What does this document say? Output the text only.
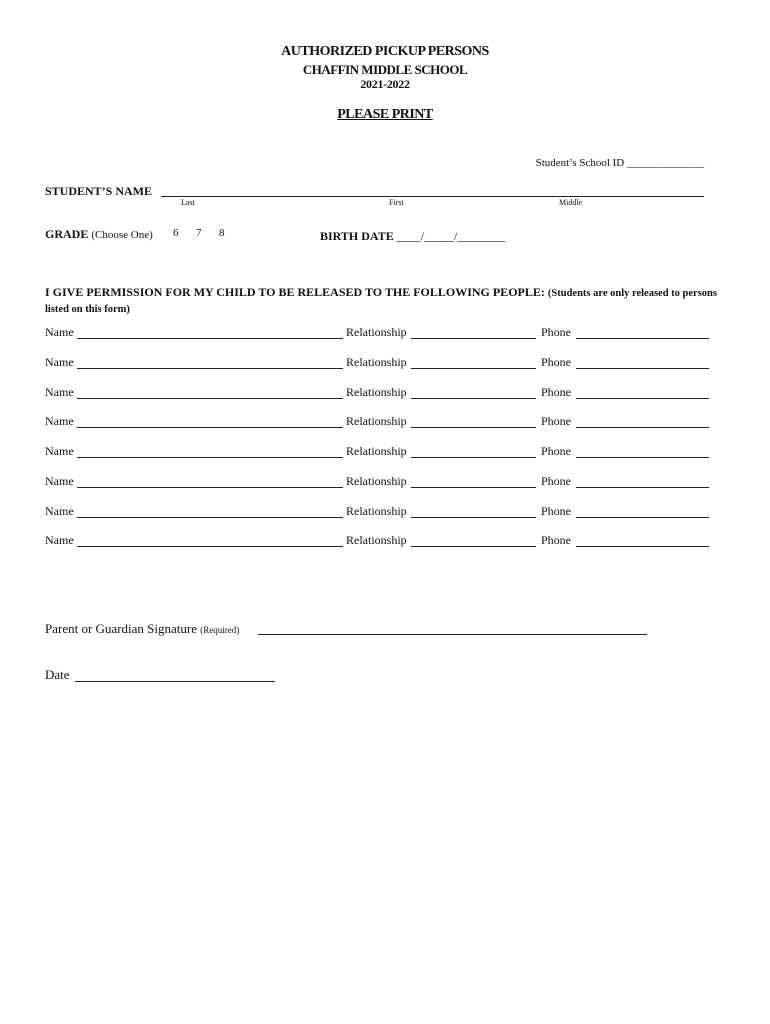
AUTHORIZED PICKUP PERSONS
CHAFFIN MIDDLE SCHOOL
2021-2022
PLEASE PRINT
Student’s School ID ______________
STUDENT’S NAME
Last	First	Middle
GRADE (Choose One) 6 7 8	BIRTH DATE ____/_____/________
I GIVE PERMISSION FOR MY CHILD TO BE RELEASED TO THE FOLLOWING PEOPLE: (Students are only released to persons listed on this form)
Name	Relationship	Phone
Name	Relationship	Phone
Name	Relationship	Phone
Name	Relationship	Phone
Name	Relationship	Phone
Name	Relationship	Phone
Name	Relationship	Phone
Name	Relationship	Phone
Parent or Guardian Signature (Required)
Date
